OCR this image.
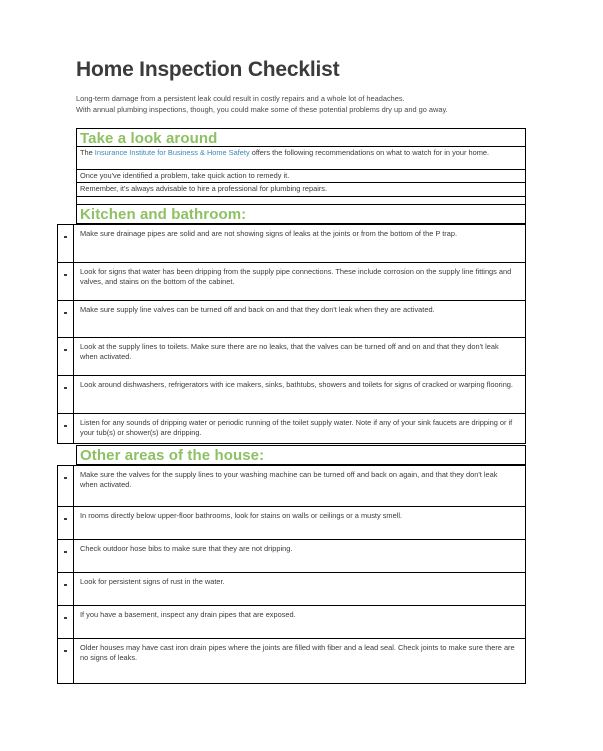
Home Inspection Checklist
Long-term damage from a persistent leak could result in costly repairs and a whole lot of headaches.
With annual plumbing inspections, though, you could make some of these potential problems dry up and go away.
Take a look around
The Insurance Institute for Business & Home Safety offers the following recommendations on what to watch for in your home.
Once you've identified a problem, take quick action to remedy it.
Remember, it's always advisable to hire a professional for plumbing repairs.

Kitchen and bathroom:
	Make sure drainage pipes are solid and are not showing signs of leaks at the joints or from the bottom of the P trap.
	Look for signs that water has been dripping from the supply pipe connections. These include corrosion on the supply line fittings and valves, and stains on the bottom of the cabinet.
	Make sure supply line valves can be turned off and back on and that they don't leak when they are activated.
	Look at the supply lines to toilets. Make sure there are no leaks, that the valves can be turned off and on and that they don't leak when activated.
	Look around dishwashers, refrigerators with ice makers, sinks, bathtubs, showers and toilets for signs of cracked or warping flooring.
	Listen for any sounds of dripping water or periodic running of the toilet supply water. Note if any of your sink faucets are dripping or if your tub(s) or shower(s) are dripping.
Other areas of the house:
	Make sure the valves for the supply lines to your washing machine can be turned off and back on again, and that they don't leak when activated.
	In rooms directly below upper-floor bathrooms, look for stains on walls or ceilings or a musty smell.
	Check outdoor hose bibs to make sure that they are not dripping.
	Look for persistent signs of rust in the water.
	If you have a basement, inspect any drain pipes that are exposed.
	Older houses may have cast iron drain pipes where the joints are filled with fiber and a lead seal. Check joints to make sure there are no signs of leaks.
